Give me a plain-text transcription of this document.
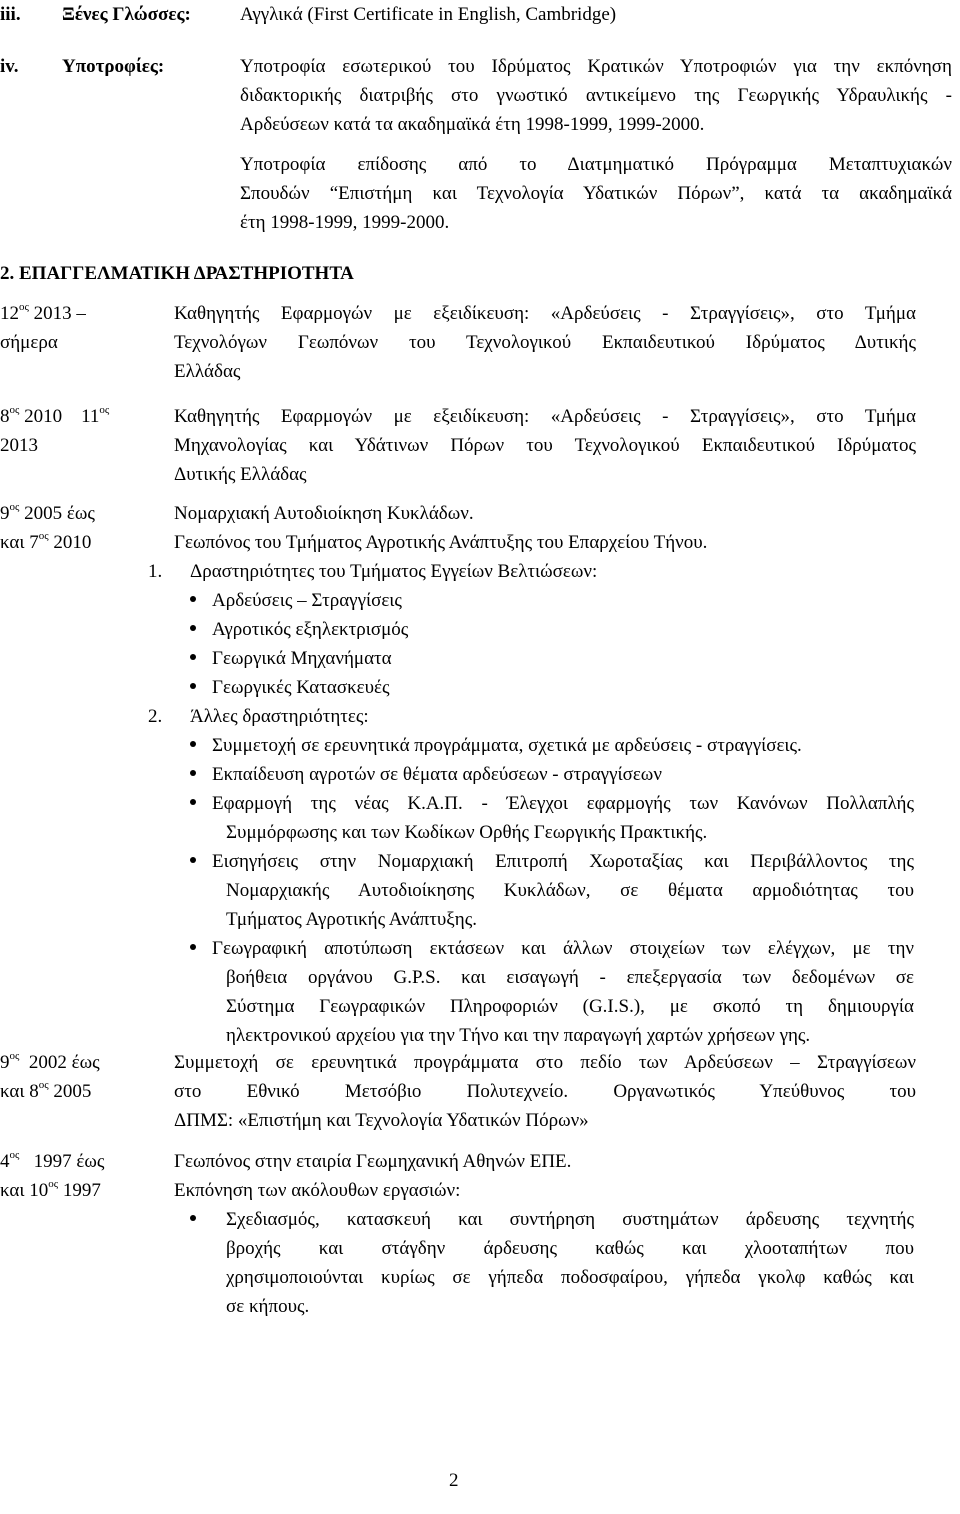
iii. Ξένες Γλώσσες:	Αγγλικά (First Certificate in English, Cambridge)
iv. Υποτροφίες:	Υποτροφία εσωτερικού του Ιδρύματος Κρατικών Υποτροφιών για την εκπόνηση
διδακτορικής διατριβής στο γνωστικό αντικείμενο της Γεωργικής Υδραυλικής -
Αρδεύσεων κατά τα ακαδημαϊκά έτη 1998-1999, 1999-2000.
Υποτροφία επίδοσης από το Διατμηματικό Πρόγραμμα Μεταπτυχιακών
Σπουδών “Επιστήμη και Τεχνολογία Υδατικών Πόρων”, κατά τα ακαδημαϊκά
έτη 1998-1999, 1999-2000.
2. ΕΠΑΓΓΕΛΜΑΤΙΚΗ ΔΡΑΣΤΗΡΙΟΤΗΤΑ
$12^{o\varsigma}$ 2013 –
σήμερα
Καθηγητής Εφαρμογών με εξειδίκευση: «Αρδεύσεις - Στραγγίσεις», στο Τμήμα
Τεχνολόγων Γεωπόνων του Τεχνολογικού Εκπαιδευτικού Ιδρύματος Δυτικής
Ελλάδας
$8^{o\varsigma}$ 2010 $11^{o\varsigma}$
2013
Καθηγητής Εφαρμογών με εξειδίκευση: «Αρδεύσεις - Στραγγίσεις», στο Τμήμα
Μηχανολογίας και Υδάτινων Πόρων του Τεχνολογικού Εκπαιδευτικού Ιδρύματος
Δυτικής Ελλάδας
$9^{o\varsigma}$ 2005 έως
και $7^{o\varsigma}$ 2010
Νομαρχιακή Αυτοδιοίκηση Κυκλάδων.
Γεωπόνος του Τμήματος Αγροτικής Ανάπτυξης του Επαρχείου Τήνου.
1. Δραστηριότητες του Τμήματος Εγγείων Βελτιώσεων:
Αρδεύσεις – Στραγγίσεις
Αγροτικός εξηλεκτρισμός
Γεωργικά Μηχανήματα
Γεωργικές Κατασκευές
2. Άλλες δραστηριότητες:
Συμμετοχή σε ερευνητικά προγράμματα, σχετικά με αρδεύσεις - στραγγίσεις.
Εκπαίδευση αγροτών σε θέματα αρδεύσεων - στραγγίσεων
Εφαρμογή της νέας Κ.Α.Π. - Έλεγχοι εφαρμογής των Κανόνων Πολλαπλής
Συμμόρφωσης και των Κωδίκων Ορθής Γεωργικής Πρακτικής.
Εισηγήσεις στην Νομαρχιακή Επιτροπή Χωροταξίας και Περιβάλλοντος της
Νομαρχιακής Αυτοδιοίκησης Κυκλάδων, σε θέματα αρμοδιότητας του
Τμήματος Αγροτικής Ανάπτυξης.
Γεωγραφική αποτύπωση εκτάσεων και άλλων στοιχείων των ελέγχων, με την
βοήθεια οργάνου G.P.S. και εισαγωγή - επεξεργασία των δεδομένων σε
Σύστημα Γεωγραφικών Πληροφοριών (G.I.S.), με σκοπό τη δημιουργία
ηλεκτρονικού αρχείου για την Τήνο και την παραγωγή χαρτών χρήσεων γης.
$9^{o\varsigma}$ 2002 έως
και $8^{o\varsigma}$ 2005
Συμμετοχή σε ερευνητικά προγράμματα στο πεδίο των Αρδεύσεων – Στραγγίσεων
στο Εθνικό Μετσόβιο Πολυτεχνείο. Οργανωτικός Υπεύθυνος του
ΔΠΜΣ: «Επιστήμη και Τεχνολογία Υδατικών Πόρων»
$4^{o\varsigma}$ 1997 έως
και $10^{o\varsigma}$ 1997
Γεωπόνος στην εταιρία Γεωμηχανική Αθηνών ΕΠΕ.
Εκπόνηση των ακόλουθων εργασιών:
Σχεδιασμός, κατασκευή και συντήρηση συστημάτων άρδευσης τεχνητής
βροχής και στάγδην άρδευσης καθώς και χλοοταπήτων που
χρησιμοποιούνται κυρίως σε γήπεδα ποδοσφαίρου, γήπεδα γκολφ καθώς και
σε κήπους.
2
